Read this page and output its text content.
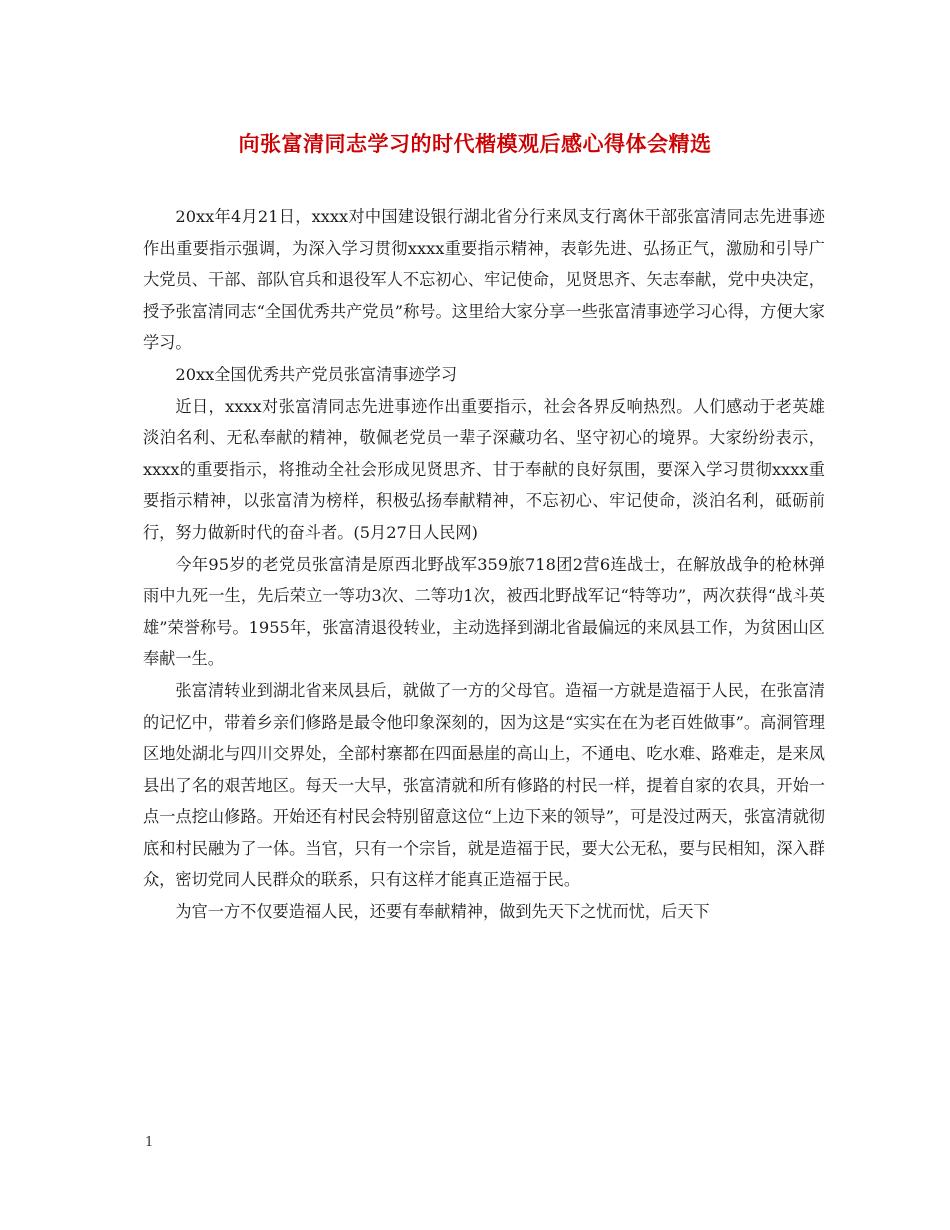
向张富清同志学习的时代楷模观后感心得体会精选

20xx年4月21日，xxxx对中国建设银行湖北省分行来凤支行离休干部张富清同志先进事迹作出重要指示强调，为深入学习贯彻xxxx重要指示精神，表彰先进、弘扬正气，激励和引导广大党员、干部、部队官兵和退役军人不忘初心、牢记使命，见贤思齐、矢志奉献，党中央决定，授予张富清同志“全国优秀共产党员”称号。这里给大家分享一些张富清事迹学习心得，方便大家学习。

20xx全国优秀共产党员张富清事迹学习

近日，xxxx对张富清同志先进事迹作出重要指示，社会各界反响热烈。人们感动于老英雄淡泊名利、无私奉献的精神，敬佩老党员一辈子深藏功名、坚守初心的境界。大家纷纷表示，xxxx的重要指示，将推动全社会形成见贤思齐、甘于奉献的良好氛围，要深入学习贯彻xxxx重要指示精神，以张富清为榜样，积极弘扬奉献精神，不忘初心、牢记使命，淡泊名利，砥砺前行，努力做新时代的奋斗者。(5月27日人民网)

今年95岁的老党员张富清是原西北野战军359旅718团2营6连战士，在解放战争的枪林弹雨中九死一生，先后荣立一等功3次、二等功1次，被西北野战军记“特等功”，两次获得“战斗英雄”荣誉称号。1955年，张富清退役转业，主动选择到湖北省最偏远的来凤县工作，为贫困山区奉献一生。

张富清转业到湖北省来凤县后，就做了一方的父母官。造福一方就是造福于人民，在张富清的记忆中，带着乡亲们修路是最令他印象深刻的，因为这是“实实在在为老百姓做事”。高洞管理区地处湖北与四川交界处，全部村寨都在四面悬崖的高山上，不通电、吃水难、路难走，是来凤县出了名的艰苦地区。每天一大早，张富清就和所有修路的村民一样，提着自家的农具，开始一点一点挖山修路。开始还有村民会特别留意这位“上边下来的领导”，可是没过两天，张富清就彻底和村民融为了一体。当官，只有一个宗旨，就是造福于民，要大公无私，要与民相知，深入群众，密切党同人民群众的联系，只有这样才能真正造福于民。

为官一方不仅要造福人民，还要有奉献精神，做到先天下之忧而忧，后天下

1
